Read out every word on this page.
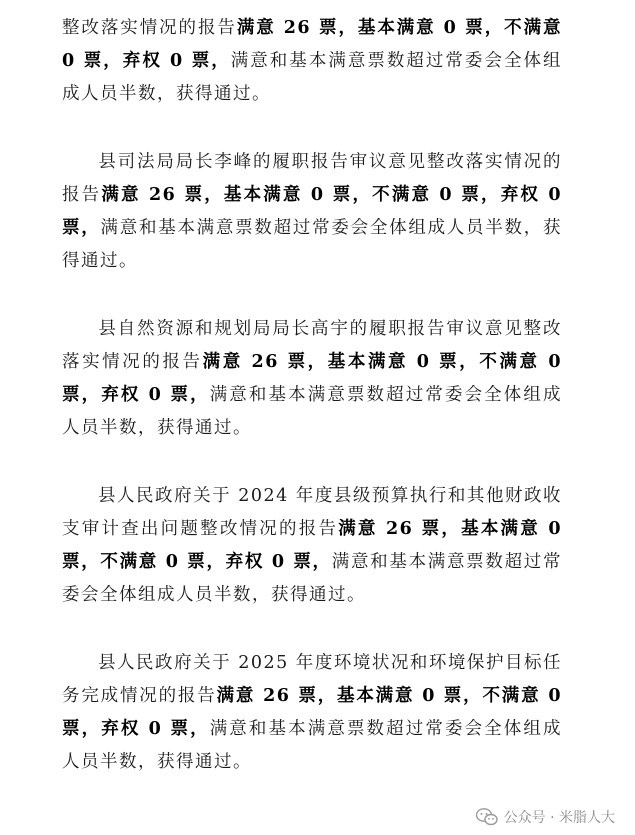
整改落实情况的报告满意 26 票，基本满意 0 票，不满意 0 票，弃权 0 票，满意和基本满意票数超过常委会全体组成人员半数，获得通过。

县司法局局长李峰的履职报告审议意见整改落实情况的报告满意 26 票，基本满意 0 票，不满意 0 票，弃权 0 票，满意和基本满意票数超过常委会全体组成人员半数，获得通过。

县自然资源和规划局局长高宇的履职报告审议意见整改落实情况的报告满意 26 票，基本满意 0 票，不满意 0 票，弃权 0 票，满意和基本满意票数超过常委会全体组成人员半数，获得通过。

县人民政府关于 2024 年度县级预算执行和其他财政收支审计查出问题整改情况的报告满意 26 票，基本满意 0 票，不满意 0 票，弃权 0 票，满意和基本满意票数超过常委会全体组成人员半数，获得通过。

县人民政府关于 2025 年度环境状况和环境保护目标任务完成情况的报告满意 26 票，基本满意 0 票，不满意 0 票，弃权 0 票，满意和基本满意票数超过常委会全体组成人员半数，获得通过。

公众号 · 米脂人大
